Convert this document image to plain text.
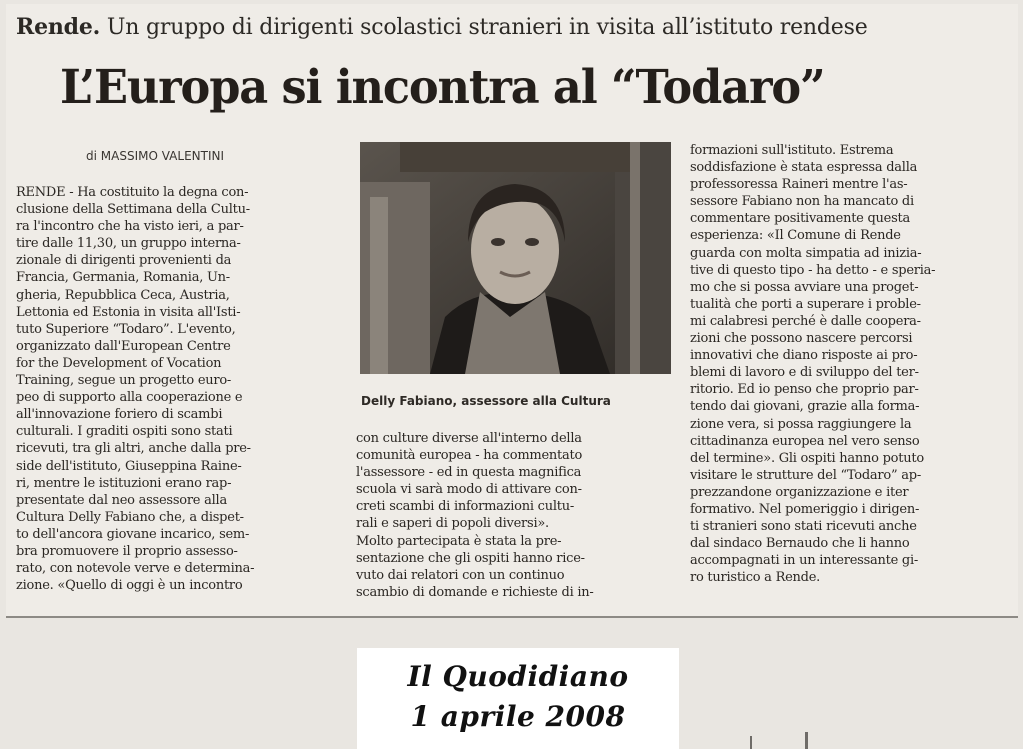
Rende. Un gruppo di dirigenti scolastici stranieri in visita all’istituto rendese
L’Europa si incontra al “Todaro”
di MASSIMO VALENTINI
RENDE - Ha costituito la degna con-
clusione della Settimana della Cultu-
ra l'incontro che ha visto ieri, a par-
tire dalle 11,30, un gruppo interna-
zionale di dirigenti provenienti da
Francia, Germania, Romania, Un-
gheria, Repubblica Ceca, Austria,
Lettonia ed Estonia in visita all'Isti-
tuto Superiore “Todaro”. L'evento,
organizzato dall'European Centre
for the Development of Vocation
Training, segue un progetto euro-
peo di supporto alla cooperazione e
all'innovazione foriero di scambi
culturali. I graditi ospiti sono stati
ricevuti, tra gli altri, anche dalla pre-
side dell'istituto, Giuseppina Raine-
ri, mentre le istituzioni erano rap-
presentate dal neo assessore alla
Cultura Delly Fabiano che, a dispet-
to dell'ancora giovane incarico, sem-
bra promuovere il proprio assesso-
rato, con notevole verve e determina-
zione. «Quello di oggi è un incontro
Delly Fabiano, assessore alla Cultura
con culture diverse all'interno della
comunità europea - ha commentato
l'assessore - ed in questa magnifica
scuola vi sarà modo di attivare con-
creti scambi di informazioni cultu-
rali e saperi di popoli diversi».
Molto partecipata è stata la pre-
sentazione che gli ospiti hanno rice-
vuto dai relatori con un continuo
scambio di domande e richieste di in-
formazioni sull'istituto. Estrema
soddisfazione è stata espressa dalla
professoressa Raineri mentre l'as-
sessore Fabiano non ha mancato di
commentare positivamente questa
esperienza: «Il Comune di Rende
guarda con molta simpatia ad inizia-
tive di questo tipo - ha detto - e speria-
mo che si possa avviare una proget-
tualità che porti a superare i proble-
mi calabresi perché è dalle coopera-
zioni che possono nascere percorsi
innovativi che diano risposte ai pro-
blemi di lavoro e di sviluppo del ter-
ritorio. Ed io penso che proprio par-
tendo dai giovani, grazie alla forma-
zione vera, si possa raggiungere la
cittadinanza europea nel vero senso
del termine». Gli ospiti hanno potuto
visitare le strutture del “Todaro” ap-
prezzandone organizzazione e iter
formativo. Nel pomeriggio i dirigen-
ti stranieri sono stati ricevuti anche
dal sindaco Bernaudo che li hanno
accompagnati in un interessante gi-
ro turistico a Rende.
Il Quodidiano
1 aprile 2008
